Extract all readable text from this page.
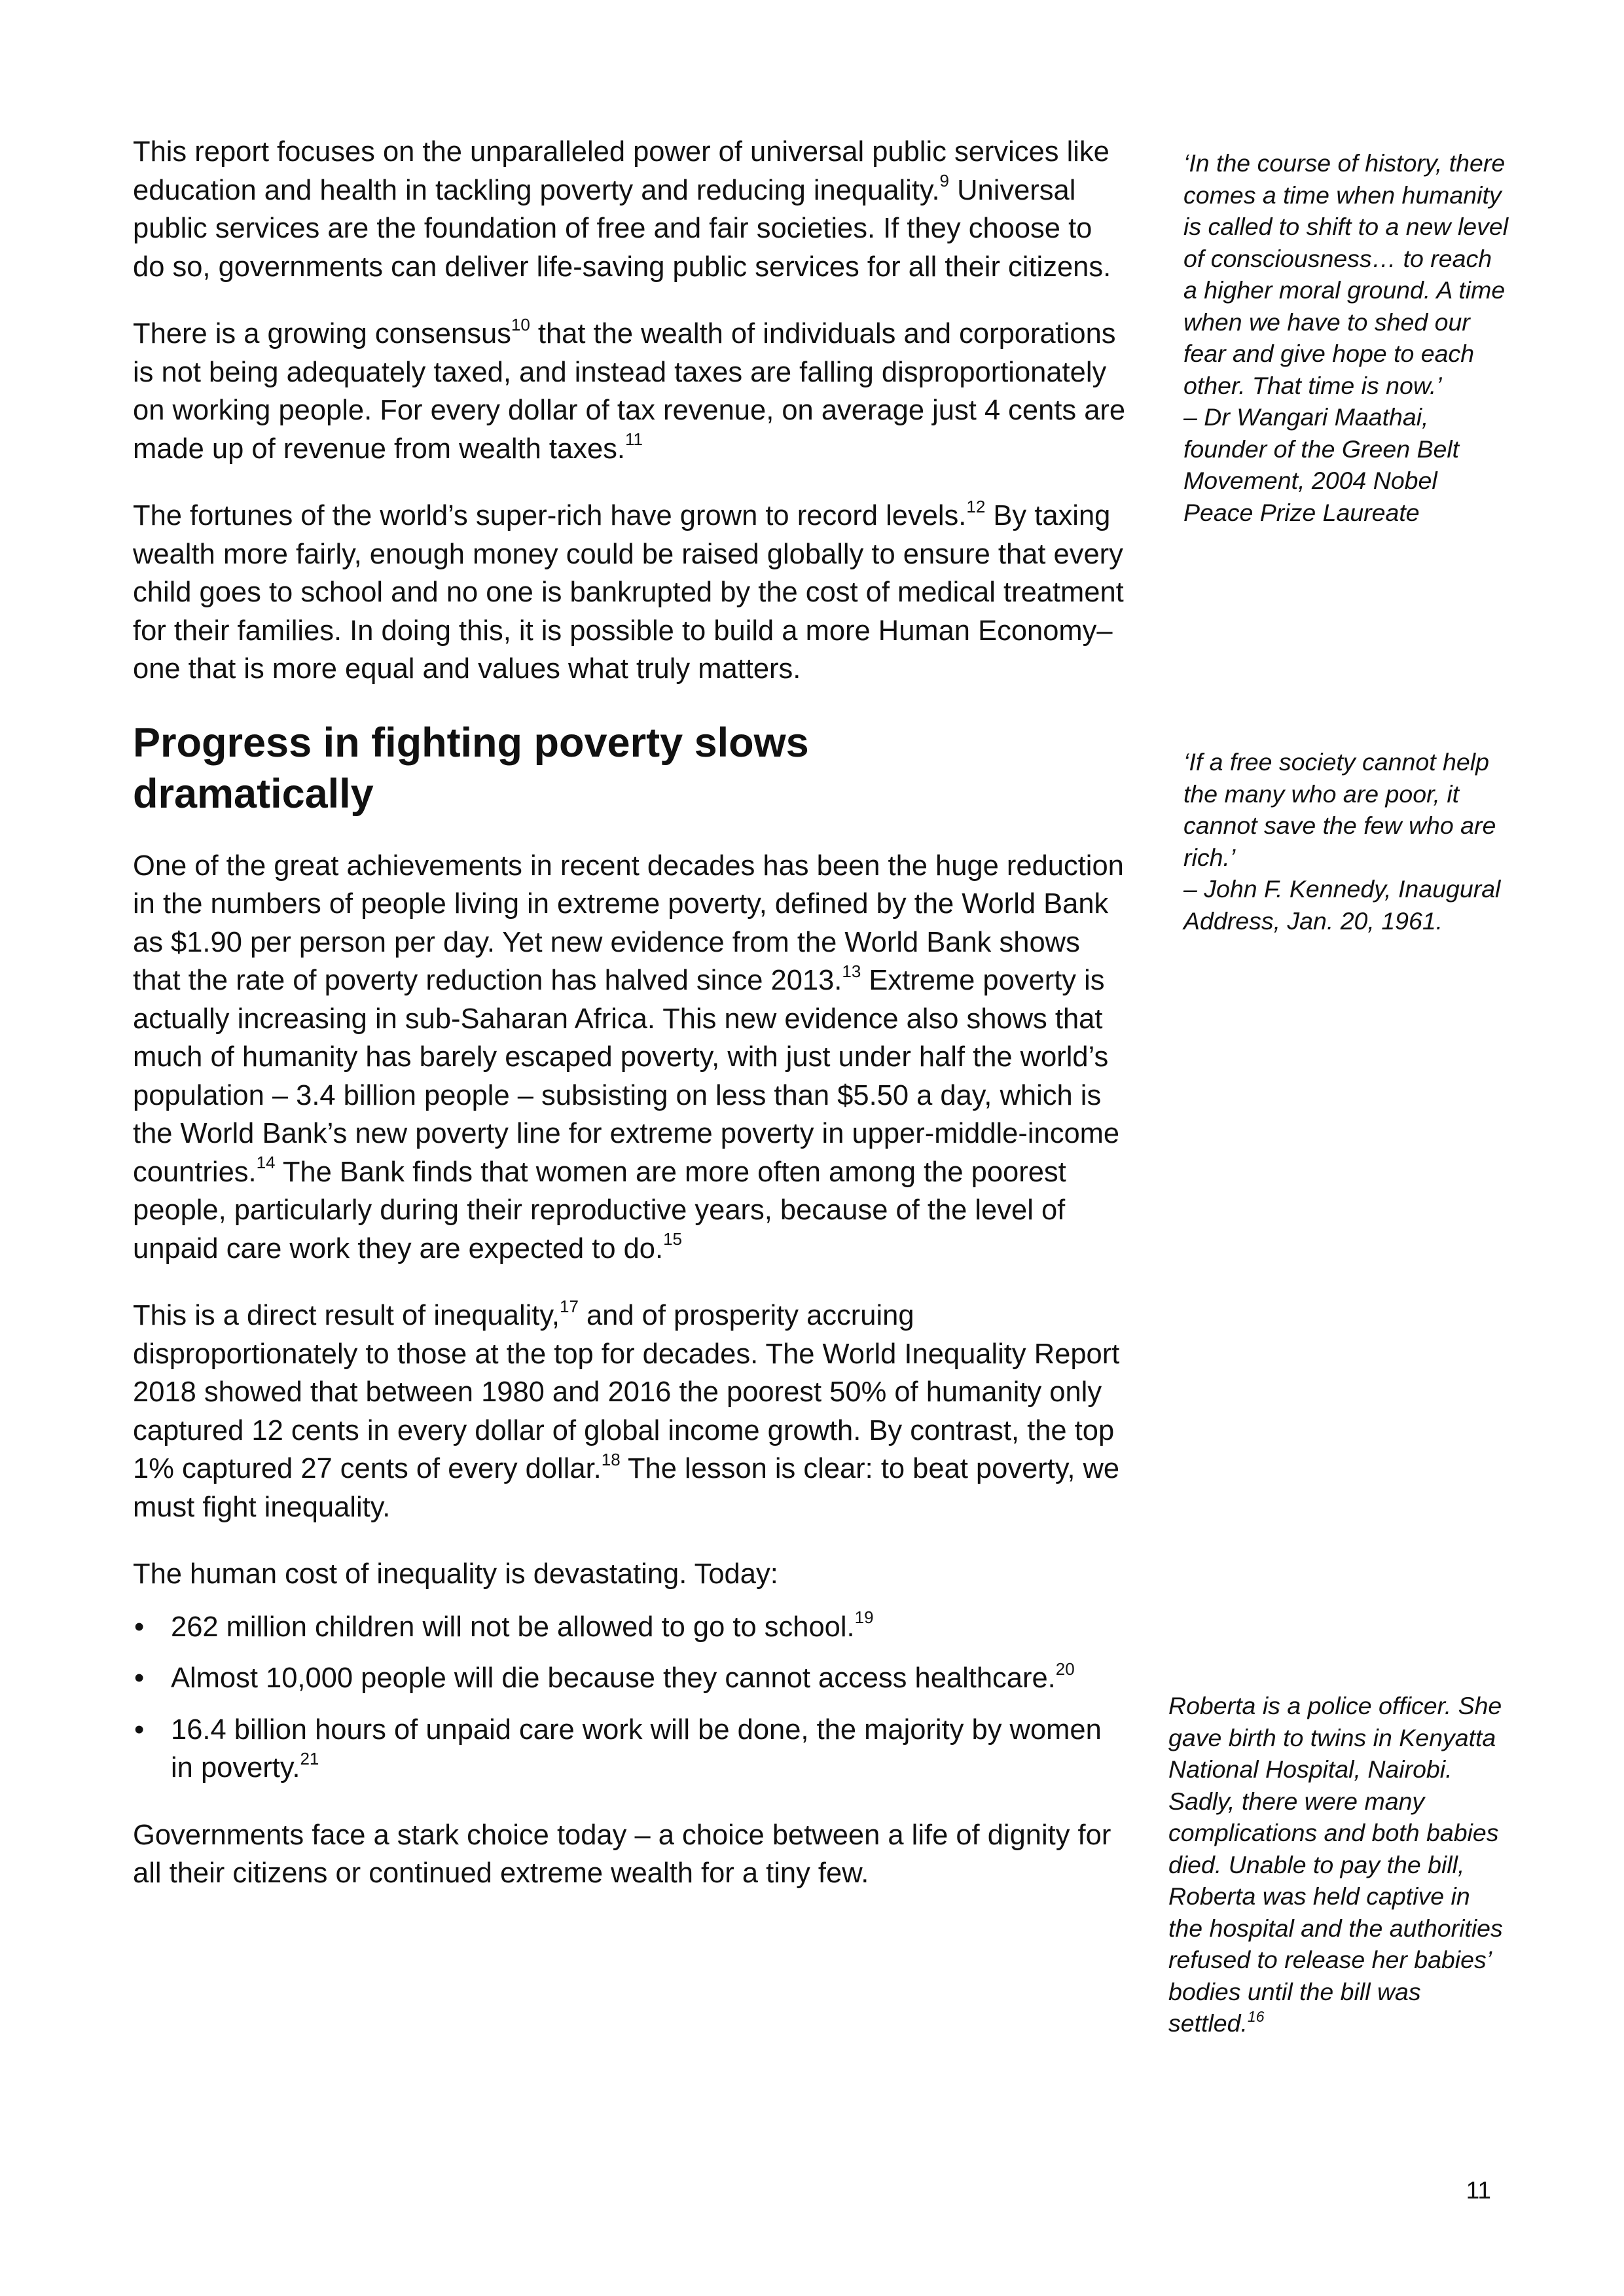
This report focuses on the unparalleled power of universal public services like education and health in tackling poverty and reducing inequality.$^9$ Universal public services are the foundation of free and fair societies. If they choose to do so, governments can deliver life-saving public services for all their citizens.

There is a growing consensus$^{10}$ that the wealth of individuals and corporations is not being adequately taxed, and instead taxes are falling disproportionately on working people. For every dollar of tax revenue, on average just 4 cents are made up of revenue from wealth taxes.$^{11}$

The fortunes of the world’s super-rich have grown to record levels.$^{12}$ By taxing wealth more fairly, enough money could be raised globally to ensure that every child goes to school and no one is bankrupted by the cost of medical treatment for their families. In doing this, it is possible to build a more Human Economy– one that is more equal and values what truly matters.

Progress in fighting poverty slows dramatically

One of the great achievements in recent decades has been the huge reduction in the numbers of people living in extreme poverty, defined by the World Bank as $1.90 per person per day. Yet new evidence from the World Bank shows that the rate of poverty reduction has halved since 2013.13 Extreme poverty is actually increasing in sub-Saharan Africa. This new evidence also shows that much of humanity has barely escaped poverty, with just under half the world’s population – 3.4 billion people – subsisting on less than $5.50 a day, which is the World Bank’s new poverty line for extreme poverty in upper-middle-income countries.$^{14}$ The Bank finds that women are more often among the poorest people, particularly during their reproductive years, because of the level of unpaid care work they are expected to do.$^{15}$

This is a direct result of inequality,$^{17}$ and of prosperity accruing disproportionately to those at the top for decades. The World Inequality Report 2018 showed that between 1980 and 2016 the poorest 50% of humanity only captured 12 cents in every dollar of global income growth. By contrast, the top 1% captured 27 cents of every dollar.$^{18}$ The lesson is clear: to beat poverty, we must fight inequality.

The human cost of inequality is devastating. Today:

• 262 million children will not be allowed to go to school.$^{19}$
• Almost 10,000 people will die because they cannot access healthcare.$^{20}$
• 16.4 billion hours of unpaid care work will be done, the majority by women in poverty.$^{21}$

Governments face a stark choice today – a choice between a life of dignity for all their citizens or continued extreme wealth for a tiny few.

‘In the course of history, there comes a time when humanity is called to shift to a new level of consciousness… to reach a higher moral ground. A time when we have to shed our fear and give hope to each other. That time is now.’

– Dr Wangari Maathai, founder of the Green Belt Movement, 2004 Nobel Peace Prize Laureate

‘If a free society cannot help the many who are poor, it cannot save the few who are rich.’

– John F. Kennedy, Inaugural Address, Jan. 20, 1961.

Roberta is a police officer. She gave birth to twins in Kenyatta National Hospital, Nairobi. Sadly, there were many complications and both babies died. Unable to pay the bill, Roberta was held captive in the hospital and the authorities refused to release her babies’ bodies until the bill was settled.$^{16}$

11
